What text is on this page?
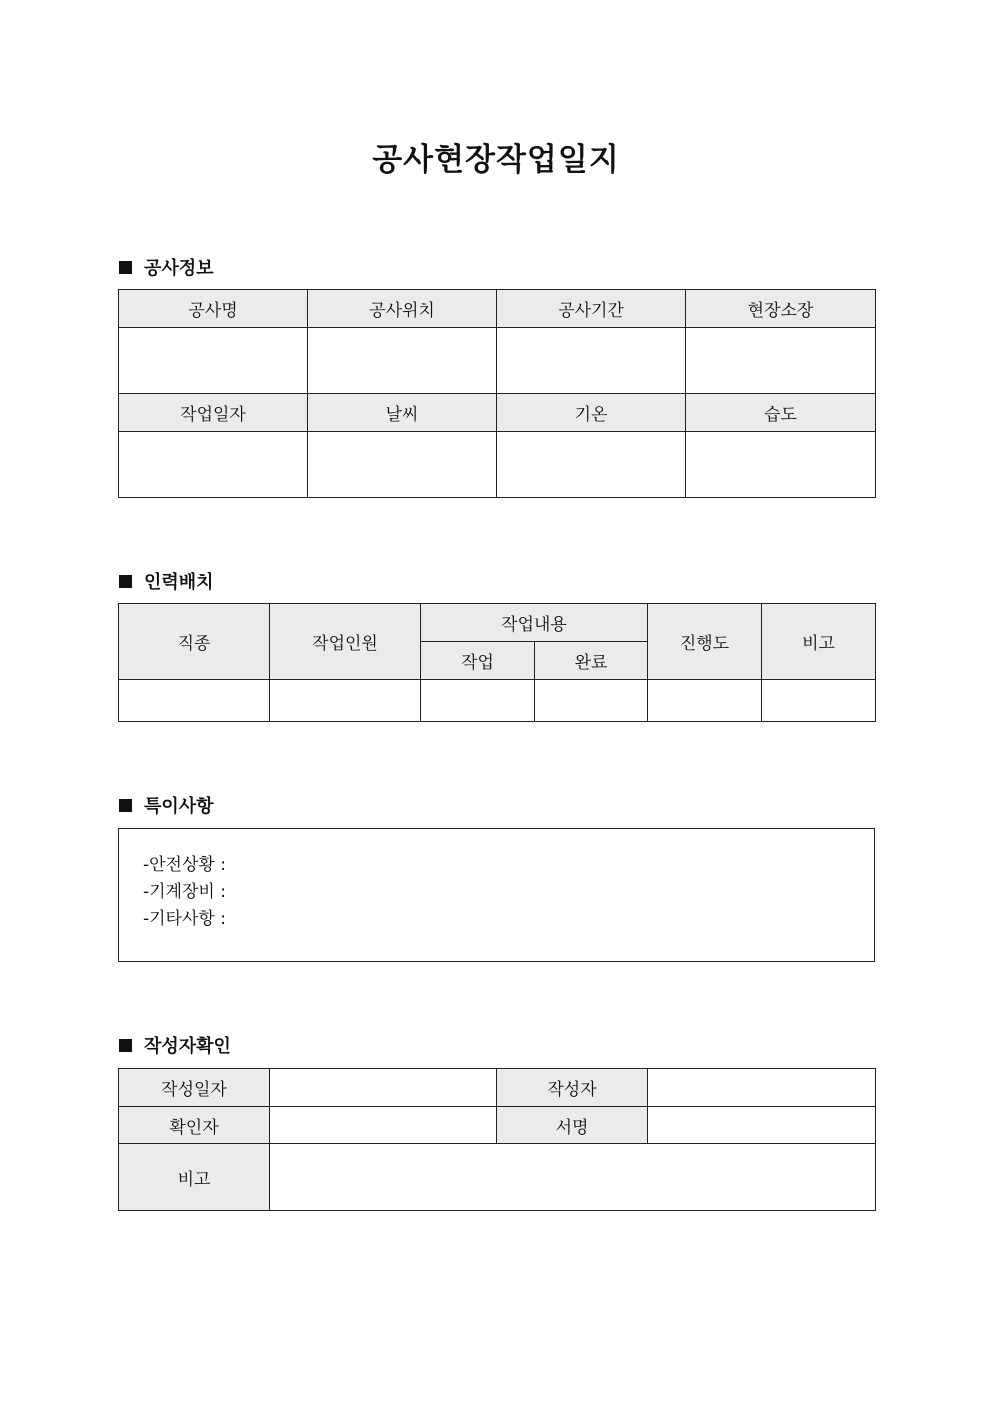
공사현장작업일지
공사정보
공사명	공사위치	공사기간	현장소장

작업일자	날씨	기온	습도

인력배치
직종	작업인원	작업내용		진행도	비고
		작업	완료		

특이사항
-안전상황 :
-기계장비 :
-기타사항 :
작성자확인
작성일자		작성자	
확인자		서명	
비고			
